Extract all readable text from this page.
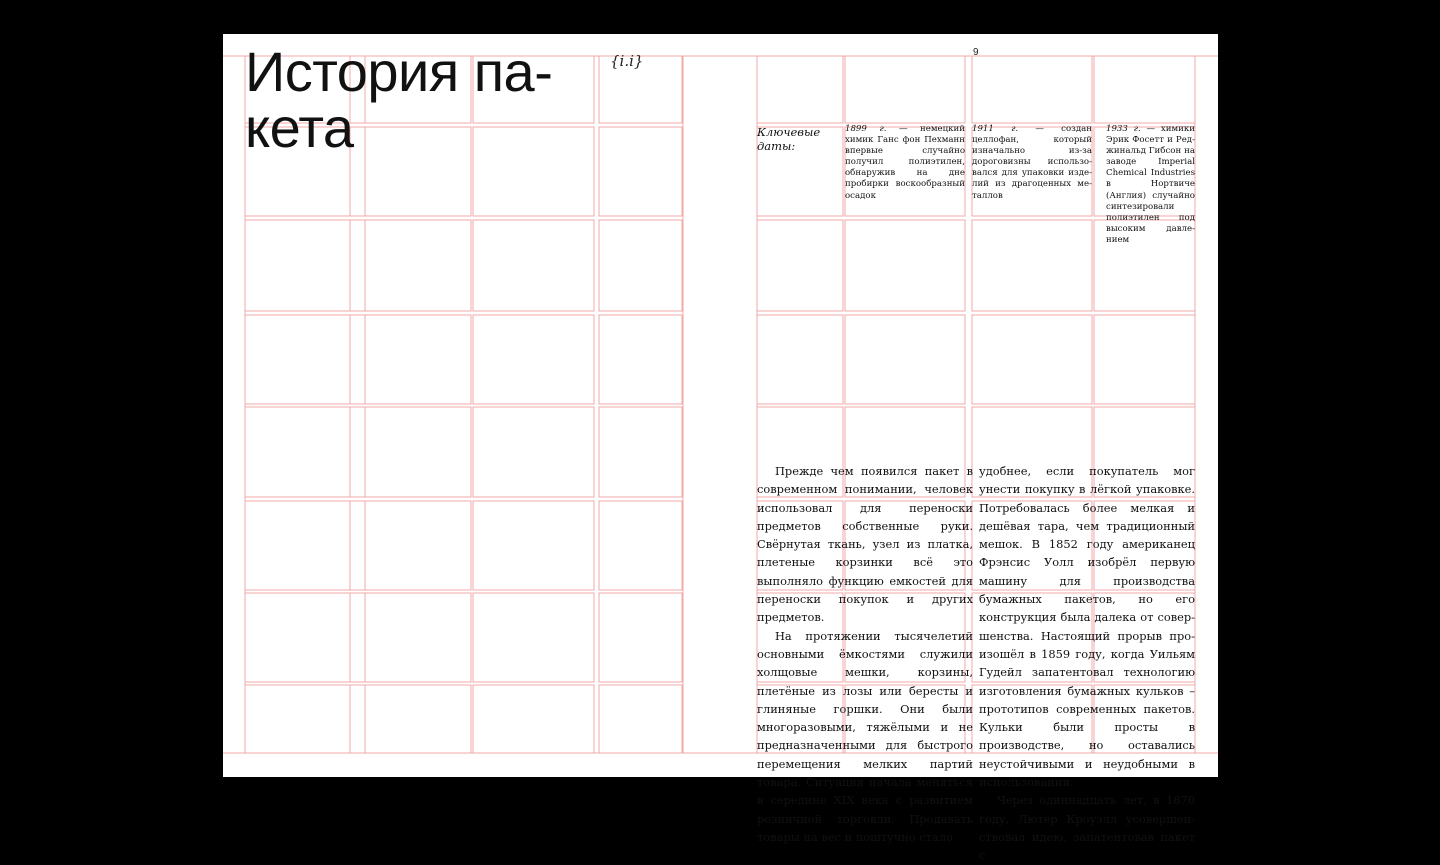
История па-
кета
{i.i}	9
Ключевые
даты:
1899 г. — немецкий химик Ганс фон Пехманн впервые случайно получил полиэтилен, обнаружив на дне пробирки воскообразный осадок
1911 г. — создан целлофан, который изначально из-за дороговизны использовался для упаковки изделий из драгоценных металлов
1933 г. — химики Эрик Фосетт и Реджинальд Гибсон на заводе Imperial Chemical Industries в Нортвиче (Англия) случайно синтезировали полиэтилен под высоким давлением

Прежде чем появился пакет в современном понимании, человек использовал для переноски предметов собственные руки. Свёрнутая ткань, узел из платка, плетеные корзинки всё это выполняло функцию емкостей для переноски покупок и других предметов.

На протяжении тысячелетий основными ёмкостями служили холщовые мешки, корзины, плетёные из лозы или бересты и глиняные горшки. Они были многоразовыми, тяжёлыми и не предназначенными для быстрого перемещения мелких партий товара. Ситуация начала меняться в середине XIX века с развитием розничной торговли. Продавать товары на вес и поштучно стало

удобнее, если покупатель мог унести покупку в лёгкой упаковке. Потребовалась более мелкая и дешёвая тара, чем традиционный мешок. В 1852 году американец Фрэнсис Уолл изобрёл первую машину для производства бумажных пакетов, но его конструкция была далека от совершенства. Настоящий прорыв произошёл в 1859 году, когда Уильям Гудейл запатентовал технологию изготовления бумажных кульков – прототипов современных пакетов. Кульки были просты в производстве, но оставались неустойчивыми и неудобными в использовании.

Через одиннадцать лет, в 1870 году, Лютер Кроуэлл усовершенствовал идею, запатентовав пакет с
